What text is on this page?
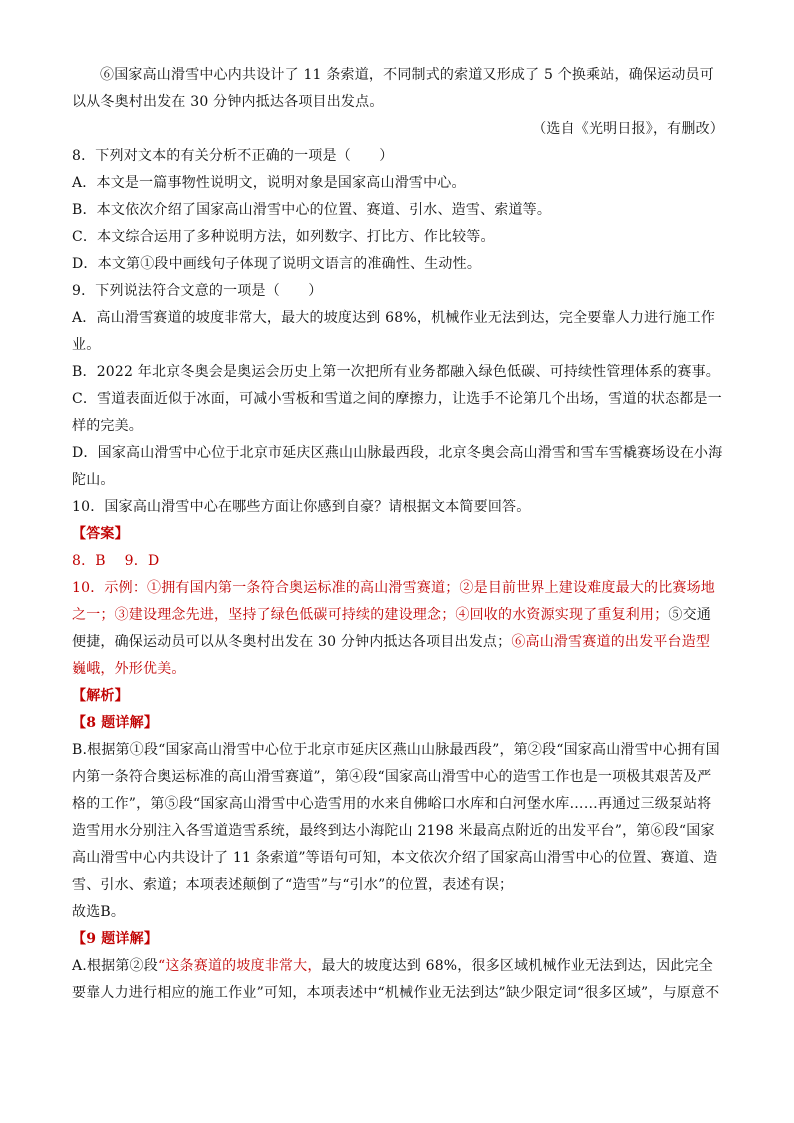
⑥国家高山滑雪中心内共设计了 11 条索道，不同制式的索道又形成了 5 个换乘站，确保运动员可以从冬奥村出发在 30 分钟内抵达各项目出发点。

（选自《光明日报》，有删改）

8．下列对文本的有关分析不正确的一项是（　　）

A．本文是一篇事物性说明文，说明对象是国家高山滑雪中心。

B．本文依次介绍了国家高山滑雪中心的位置、赛道、引水、造雪、索道等。

C．本文综合运用了多种说明方法，如列数字、打比方、作比较等。

D．本文第①段中画线句子体现了说明文语言的准确性、生动性。

9．下列说法符合文意的一项是（　　）

A．高山滑雪赛道的坡度非常大，最大的坡度达到 68%，机械作业无法到达，完全要靠人力进行施工作业。

B．2022 年北京冬奥会是奥运会历史上第一次把所有业务都融入绿色低碳、可持续性管理体系的赛事。

C．雪道表面近似于冰面，可减小雪板和雪道之间的摩擦力，让选手不论第几个出场，雪道的状态都是一样的完美。

D．国家高山滑雪中心位于北京市延庆区燕山山脉最西段，北京冬奥会高山滑雪和雪车雪橇赛场设在小海陀山。

10．国家高山滑雪中心在哪些方面让你感到自豪？请根据文本简要回答。

【答案】

8．B　 9．D

10．示例：①拥有国内第一条符合奥运标准的高山滑雪赛道；②是目前世界上建设难度最大的比赛场地之一；③建设理念先进，坚持了绿色低碳可持续的建设理念；④回收的水资源实现了重复利用；⑤交通便捷，确保运动员可以从冬奥村出发在 30 分钟内抵达各项目出发点；⑥高山滑雪赛道的出发平台造型巍峨，外形优美。

【解析】

【8 题详解】

B.根据第①段“国家高山滑雪中心位于北京市延庆区燕山山脉最西段”，第②段“国家高山滑雪中心拥有国内第一条符合奥运标准的高山滑雪赛道”，第④段“国家高山滑雪中心的造雪工作也是一项极其艰苦及严格的工作”，第⑤段“国家高山滑雪中心造雪用的水来自佛峪口水库和白河堡水库……再通过三级泵站将造雪用水分别注入各雪道造雪系统，最终到达小海陀山 2198 米最高点附近的出发平台”，第⑥段“国家高山滑雪中心内共设计了 11 条索道”等语句可知，本文依次介绍了国家高山滑雪中心的位置、赛道、造雪、引水、索道；本项表述颠倒了“造雪”与“引水”的位置，表述有误；

故选B。

【9 题详解】

A.根据第②段“这条赛道的坡度非常大，最大的坡度达到 68%，很多区域机械作业无法到达，因此完全要靠人力进行相应的施工作业”可知，本项表述中“机械作业无法到达”缺少限定词“很多区域”，与原意不
